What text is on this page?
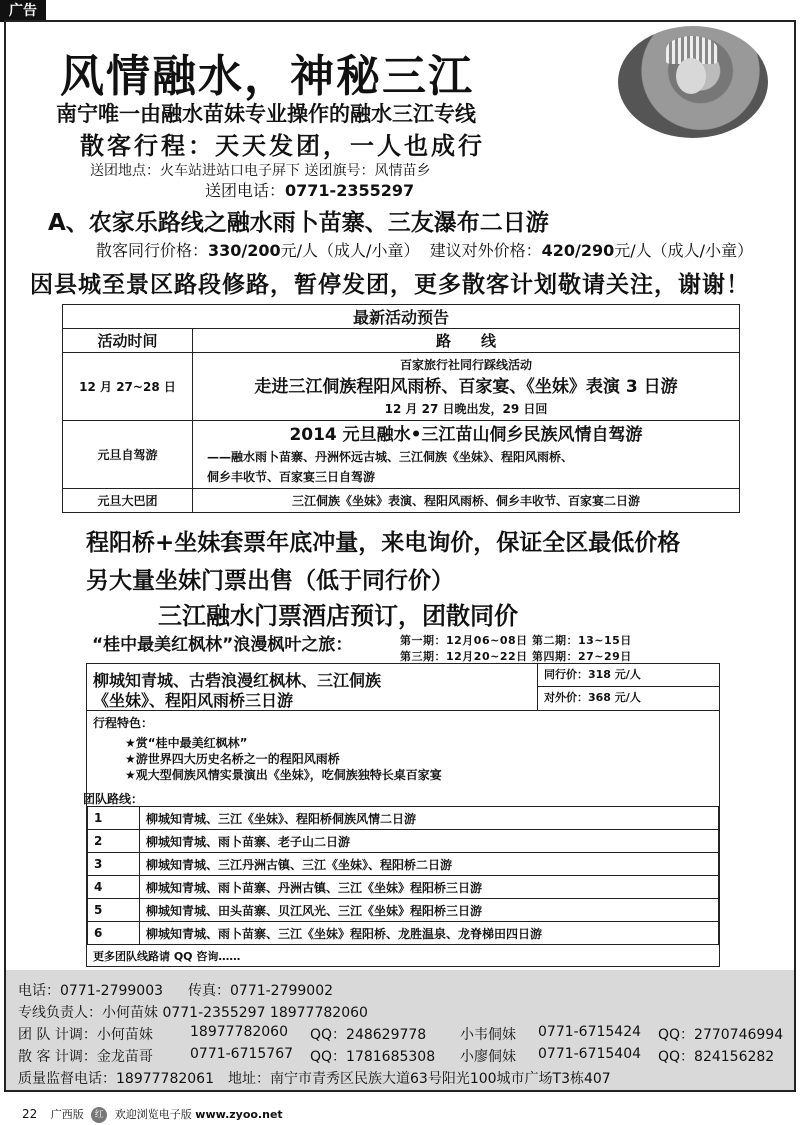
广告
风情融水，神秘三江
南宁唯一由融水苗妹专业操作的融水三江专线
散客行程：天天发团，一人也成行
送团地点：火车站进站口电子屏下 送团旗号：风情苗乡
送团电话：0771-2355297
A、农家乐路线之融水雨卜苗寨、三友瀑布二日游
散客同行价格：330/200元/人（成人/小童） 建议对外价格：420/290元/人（成人/小童）
因县城至景区路段修路，暂停发团，更多散客计划敬请关注，谢谢！
最新活动预告	
活动时间	路　　线
12 月 27~28 日	百家旅行社同行踩线活动
走进三江侗族程阳风雨桥、百家宴、《坐妹》表演 3 日游
12 月 27 日晚出发，29 日回

元旦自驾游	2014 元旦融水•三江苗山侗乡民族风情自驾游
——融水雨卜苗寨、丹洲怀远古城、三江侗族《坐妹》、程阳风雨桥、
侗乡丰收节、百家宴三日自驾游

元旦大巴团	三江侗族《坐妹》表演、程阳风雨桥、侗乡丰收节、百家宴二日游
程阳桥+坐妹套票年底冲量，来电询价，保证全区最低价格
另大量坐妹门票出售（低于同行价）
三江融水门票酒店预订，团散同价
“桂中最美红枫林”浪漫枫叶之旅：	第一期：12月06~08日 第二期：13~15日
第三期：12月20~22日 第四期：27~29日
柳城知青城、古砦浪漫红枫林、三江侗族
《坐妹》、程阳风雨桥三日游
同行价：318 元/人
对外价：368 元/人
行程特色：
★赏“桂中最美红枫林”
★游世界四大历史名桥之一的程阳风雨桥
★观大型侗族风情实景演出《坐妹》，吃侗族独特长桌百家宴
团队路线：
1	柳城知青城、三江《坐妹》、程阳桥侗族风情二日游
2	柳城知青城、雨卜苗寨、老子山二日游
3	柳城知青城、三江丹洲古镇、三江《坐妹》、程阳桥二日游
4	柳城知青城、雨卜苗寨、丹洲古镇、三江《坐妹》程阳桥三日游
5	柳城知青城、田头苗寨、贝江风光、三江《坐妹》程阳桥三日游
6	柳城知青城、雨卜苗寨、三江《坐妹》程阳桥、龙胜温泉、龙脊梯田四日游
更多团队线路请 QQ 咨询……
电话：0771-2799003 传真：0771-2799002
专线负责人：小何苗妹 0771-2355297 18977782060
团 队 计调：小何苗妹	18977782060 QQ：248629778 小韦侗妹 0771-6715424 QQ：2770746994
散 客 计调：金龙苗哥	0771-6715767 QQ：1781685308 小廖侗妹 0771-6715404 QQ：824156282
质量监督电话：18977782061 地址：南宁市青秀区民族大道63号阳光100城市广场T3栋407
22 广西版 红 欢迎浏览电子版 www.zyoo.net
